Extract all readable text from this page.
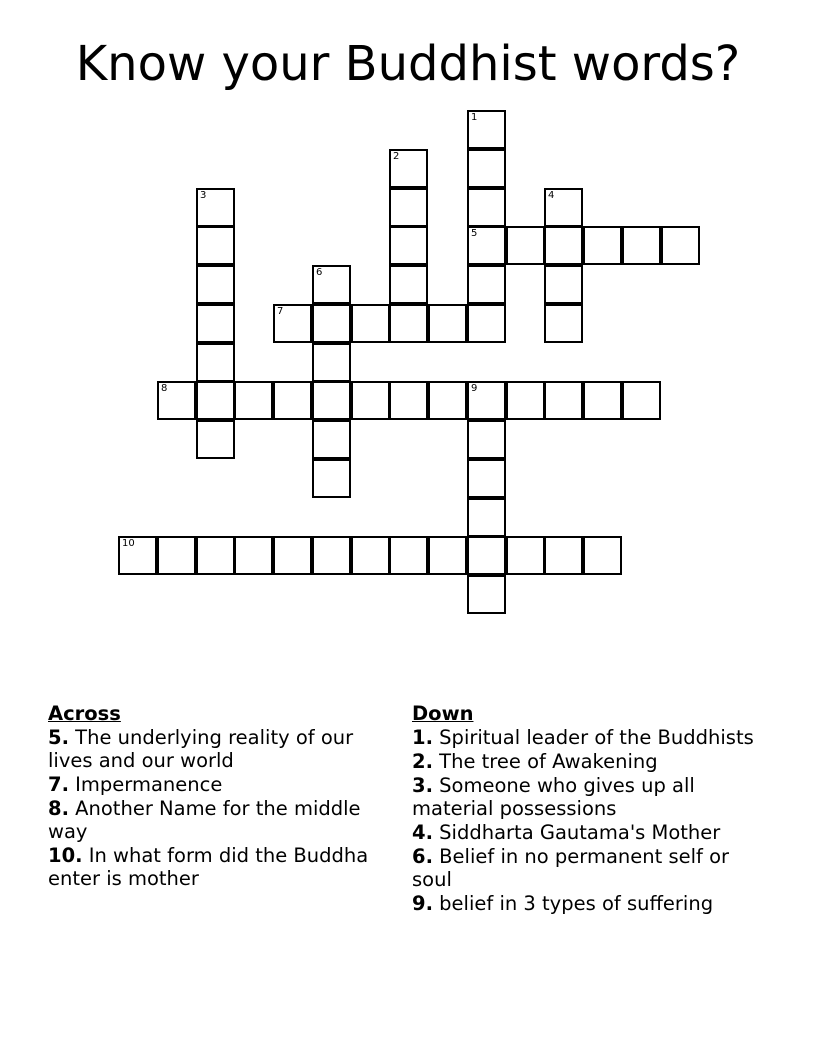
Know your Buddhist words?
1
5
2
3	4
6
7
8	9
10
Across
5. The underlying reality of our lives and our world
7. Impermanence
8. Another Name for the middle way
10. In what form did the Buddha enter is mother
Down
1. Spiritual leader of the Buddhists
2. The tree of Awakening
3. Someone who gives up all material possessions
4. Siddharta Gautama's Mother
6. Belief in no permanent self or soul
9. belief in 3 types of suffering
